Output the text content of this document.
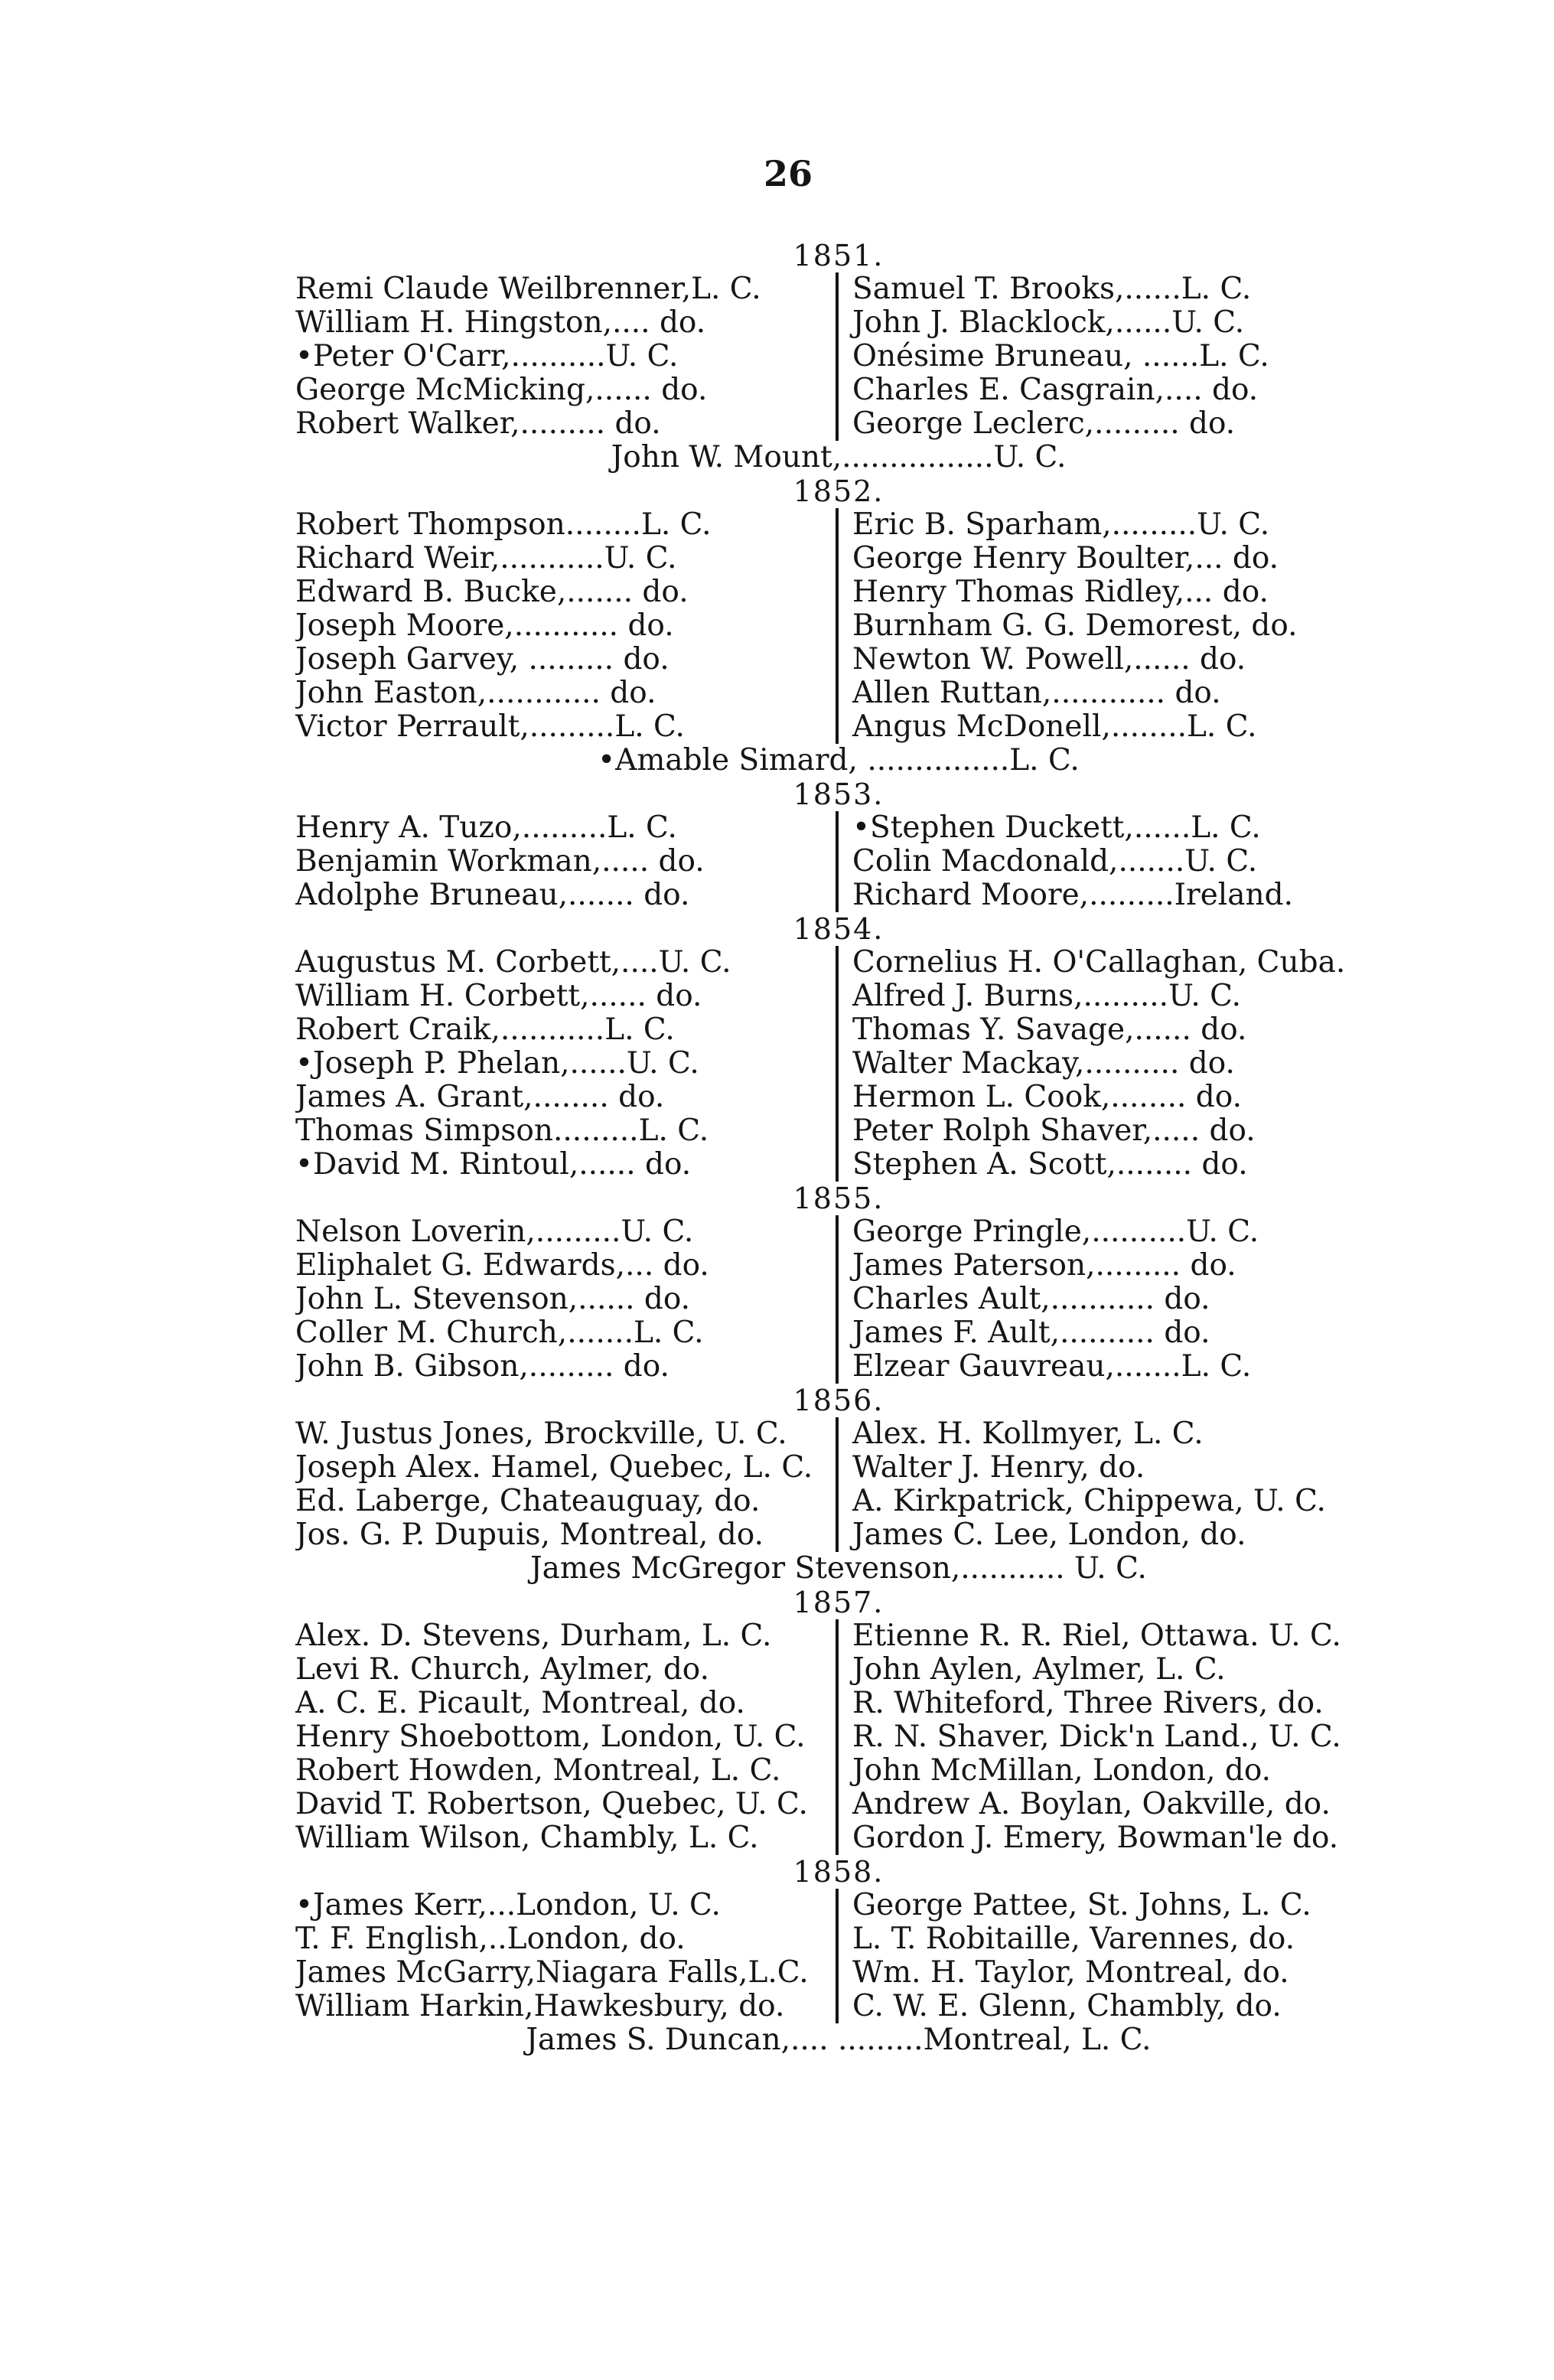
26
1851.
Remi Claude Weilbrenner,L. C.	Samuel T. Brooks,......L. C.
William H. Hingston,.... do.	John J. Blacklock,......U. C.
•Peter O'Carr,..........U. C.	Onésime Bruneau, ......L. C.
George McMicking,...... do.	Charles E. Casgrain,.... do.
Robert Walker,......... do.	George Leclerc,......... do.
John W. Mount,................U. C.
1852.
Robert Thompson........L. C.	Eric B. Sparham,.........U. C.
Richard Weir,...........U. C.	George Henry Boulter,... do.
Edward B. Bucke,....... do.	Henry Thomas Ridley,... do.
Joseph Moore,........... do.	Burnham G. G. Demorest, do.
Joseph Garvey, ......... do.	Newton W. Powell,...... do.
John Easton,............ do.	Allen Ruttan,............ do.
Victor Perrault,.........L. C.	Angus McDonell,........L. C.
•Amable Simard, ...............L. C.
1853.
Henry A. Tuzo,.........L. C.	•Stephen Duckett,......L. C.
Benjamin Workman,..... do.	Colin Macdonald,.......U. C.
Adolphe Bruneau,....... do.	Richard Moore,.........Ireland.
1854.
Augustus M. Corbett,....U. C.	Cornelius H. O'Callaghan, Cuba.
William H. Corbett,...... do.	Alfred J. Burns,.........U. C.
Robert Craik,...........L. C.	Thomas Y. Savage,...... do.
•Joseph P. Phelan,......U. C.	Walter Mackay,.......... do.
James A. Grant,........ do.	Hermon L. Cook,........ do.
Thomas Simpson.........L. C.	Peter Rolph Shaver,..... do.
•David M. Rintoul,...... do.	Stephen A. Scott,........ do.
1855.
Nelson Loverin,.........U. C.	George Pringle,..........U. C.
Eliphalet G. Edwards,... do.	James Paterson,......... do.
John L. Stevenson,...... do.	Charles Ault,........... do.
Coller M. Church,.......L. C.	James F. Ault,.......... do.
John B. Gibson,......... do.	Elzear Gauvreau,.......L. C.
1856.
W. Justus Jones, Brockville, U. C.	Alex. H. Kollmyer, L. C.
Joseph Alex. Hamel, Quebec, L. C.	Walter J. Henry, do.
Ed. Laberge, Chateauguay, do.	A. Kirkpatrick, Chippewa, U. C.
Jos. G. P. Dupuis, Montreal, do.	James C. Lee, London, do.
James McGregor Stevenson,........... U. C.
1857.
Alex. D. Stevens, Durham, L. C.	Etienne R. R. Riel, Ottawa. U. C.
Levi R. Church, Aylmer, do.	John Aylen, Aylmer, L. C.
A. C. E. Picault, Montreal, do.	R. Whiteford, Three Rivers, do.
Henry Shoebottom, London, U. C.	R. N. Shaver, Dick'n Land., U. C.
Robert Howden, Montreal, L. C.	John McMillan, London, do.
David T. Robertson, Quebec, U. C.	Andrew A. Boylan, Oakville, do.
William Wilson, Chambly, L. C.	Gordon J. Emery, Bowman'le do.
1858.
•James Kerr,...London, U. C.	George Pattee, St. Johns, L. C.
T. F. English,..London, do.	L. T. Robitaille, Varennes, do.
James McGarry,Niagara Falls,L.C.	Wm. H. Taylor, Montreal, do.
William Harkin,Hawkesbury, do.	C. W. E. Glenn, Chambly, do.
James S. Duncan,.... .........Montreal, L. C.
